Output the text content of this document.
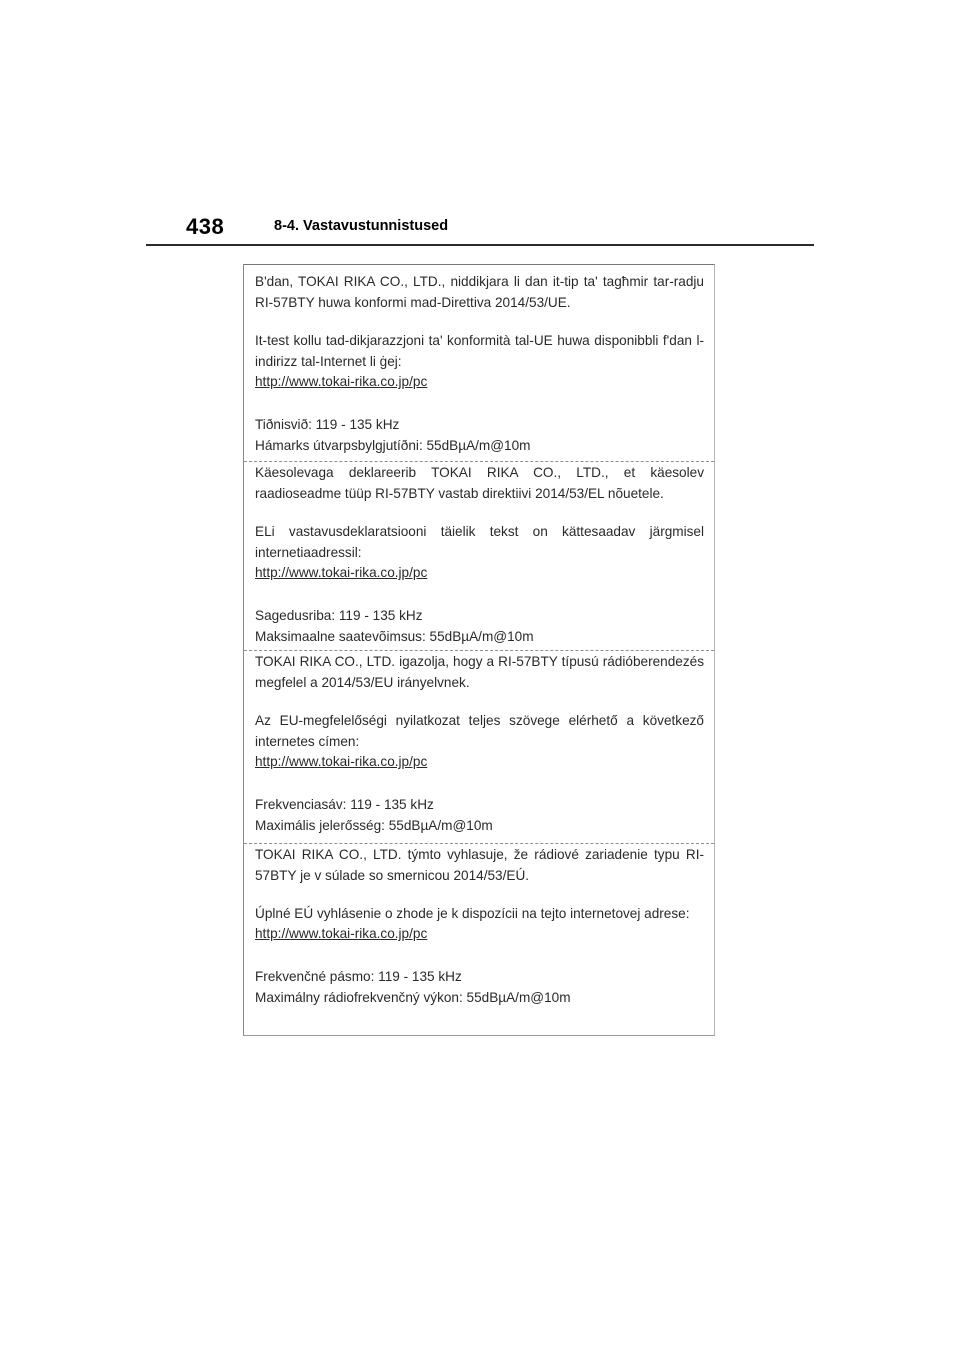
438	8-4. Vastavustunnistused

B'dan, TOKAI RIKA CO., LTD., niddikjara li dan it-tip ta' tagħmir tar-radju RI-57BTY huwa konformi mad-Direttiva 2014/53/UE.

It-test kollu tad-dikjarazzjoni ta' konformità tal-UE huwa disponibbli f'dan l-indirizz tal-Internet li ġej:

http://www.tokai-rika.co.jp/pc

Tiðnisvið: 119 - 135 kHz

Hámarks útvarpsbylgjutíðni: 55dBµA/m@10m

Käesolevaga deklareerib TOKAI RIKA CO., LTD., et käesolev raadioseadme tüüp RI-57BTY vastab direktiivi 2014/53/EL nõuetele.

ELi vastavusdeklaratsiooni täielik tekst on kättesaadav järgmisel internetiaadressil:

http://www.tokai-rika.co.jp/pc

Sagedusriba: 119 - 135 kHz

Maksimaalne saatevõimsus: 55dBµA/m@10m

TOKAI RIKA CO., LTD. igazolja, hogy a RI-57BTY típusú rádióberendezés megfelel a 2014/53/EU irányelvnek.

Az EU-megfelelőségi nyilatkozat teljes szövege elérhető a következő internetes címen:

http://www.tokai-rika.co.jp/pc

Frekvenciasáv: 119 - 135 kHz

Maximális jelerősség: 55dBµA/m@10m

TOKAI RIKA CO., LTD. týmto vyhlasuje, že rádiové zariadenie typu RI-57BTY je v súlade so smernicou 2014/53/EÚ.

Úplné EÚ vyhlásenie o zhode je k dispozícii na tejto internetovej adrese:

http://www.tokai-rika.co.jp/pc

Frekvenčné pásmo: 119 - 135 kHz

Maximálny rádiofrekvenčný výkon: 55dBµA/m@10m
